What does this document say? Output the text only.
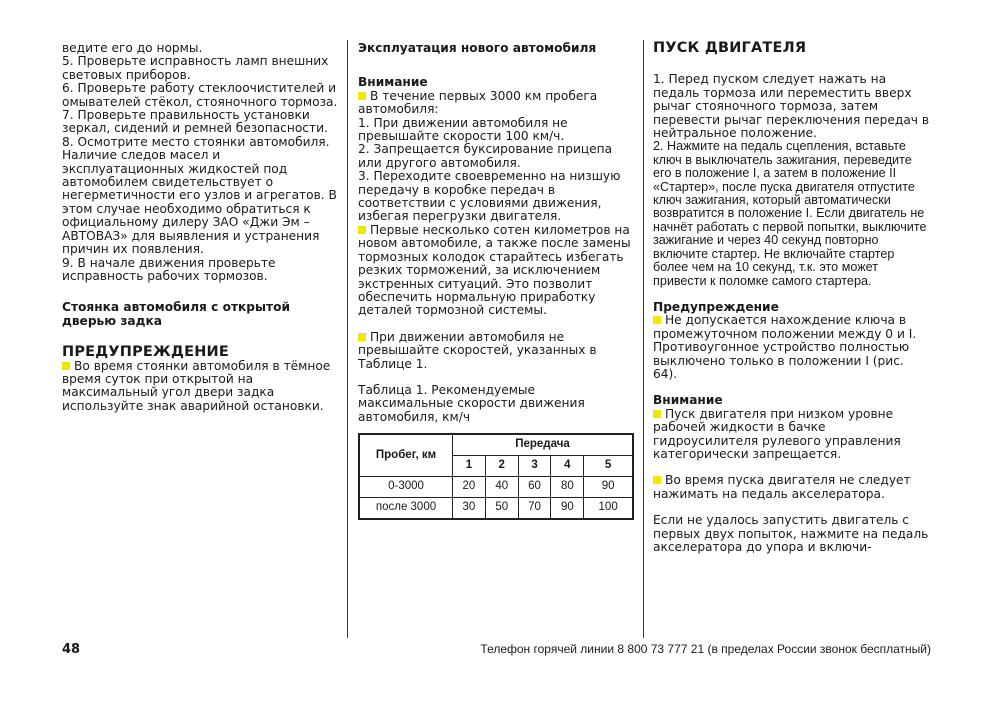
ведите его до нормы.

5. Проверьте исправность ламп внешних световых приборов.

6. Проверьте работу стеклоочистителей и омывателей стёкол, стояночного тормоза.

7. Проверьте правильность установки зеркал, сидений и ремней безопасности.

8. Осмотрите место стоянки автомобиля. Наличие следов масел и эксплуатационных жидкостей под автомобилем свидетельствует о негерметичности его узлов и агрегатов. В этом случае необходимо обратиться к официальному дилеру ЗАО «Джи Эм – АВТОВАЗ» для выявления и устранения причин их появления.

9. В начале движения проверьте исправность рабочих тормозов.

Стоянка автомобиля с открытой дверью задка

ПРЕДУПРЕЖДЕНИЕ

Во время стоянки автомобиля в тёмное время суток при открытой на максимальный угол двери задка используйте знак аварийной остановки.

Эксплуатация нового автомобиля

Внимание

В течение первых 3000 км пробега автомобиля:

1. При движении автомобиля не превышайте скорости 100 км/ч.

2. Запрещается буксирование прицепа или другого автомобиля.

3. Переходите своевременно на низшую передачу в коробке передач в соответствии с условиями движения, избегая перегрузки двигателя.

Первые несколько сотен километров на новом автомобиле, а также после замены тормозных колодок старайтесь избегать резких торможений, за исключением экстренных ситуаций. Это позволит обеспечить нормальную приработку деталей тормозной системы.

При движении автомобиля не превышайте скоростей, указанных в Таблице 1.

Таблица 1. Рекомендуемые максимальные скорости движения автомобиля, км/ч

Пробег, км	Передача				
	1	2	3	4	5
0-3000	20	40	60	80	90
после 3000	30	50	70	90	100

ПУСК ДВИГАТЕЛЯ

1. Перед пуском следует нажать на педаль тормоза или переместить вверх рычаг стояночного тормоза, затем перевести рычаг переключения передач в нейтральное положение.

2. Нажмите на педаль сцепления, вставьте ключ в выключатель зажигания, переведите его в положение I, а затем в положение II «Стартер», после пуска двигателя отпустите ключ зажигания, который автоматически возвратится в положение I. Если двигатель не начнёт работать с первой попытки, выключите зажигание и через 40 секунд повторно включите стартер. Не включайте стартер более чем на 10 секунд, т.к. это может привести к поломке самого стартера.

Предупреждение

Не допускается нахождение ключа в промежуточном положении между 0 и I. Противоугонное устройство полностью выключено только в положении I (рис. 64).

Внимание

Пуск двигателя при низком уровне рабочей жидкости в бачке гидроусилителя рулевого управления категорически запрещается.

Во время пуска двигателя не следует нажимать на педаль акселератора.

Если не удалось запустить двигатель с первых двух попыток, нажмите на педаль акселератора до упора и включи-

48	Телефон горячей линии 8 800 73 777 21 (в пределах России звонок бесплатный)
